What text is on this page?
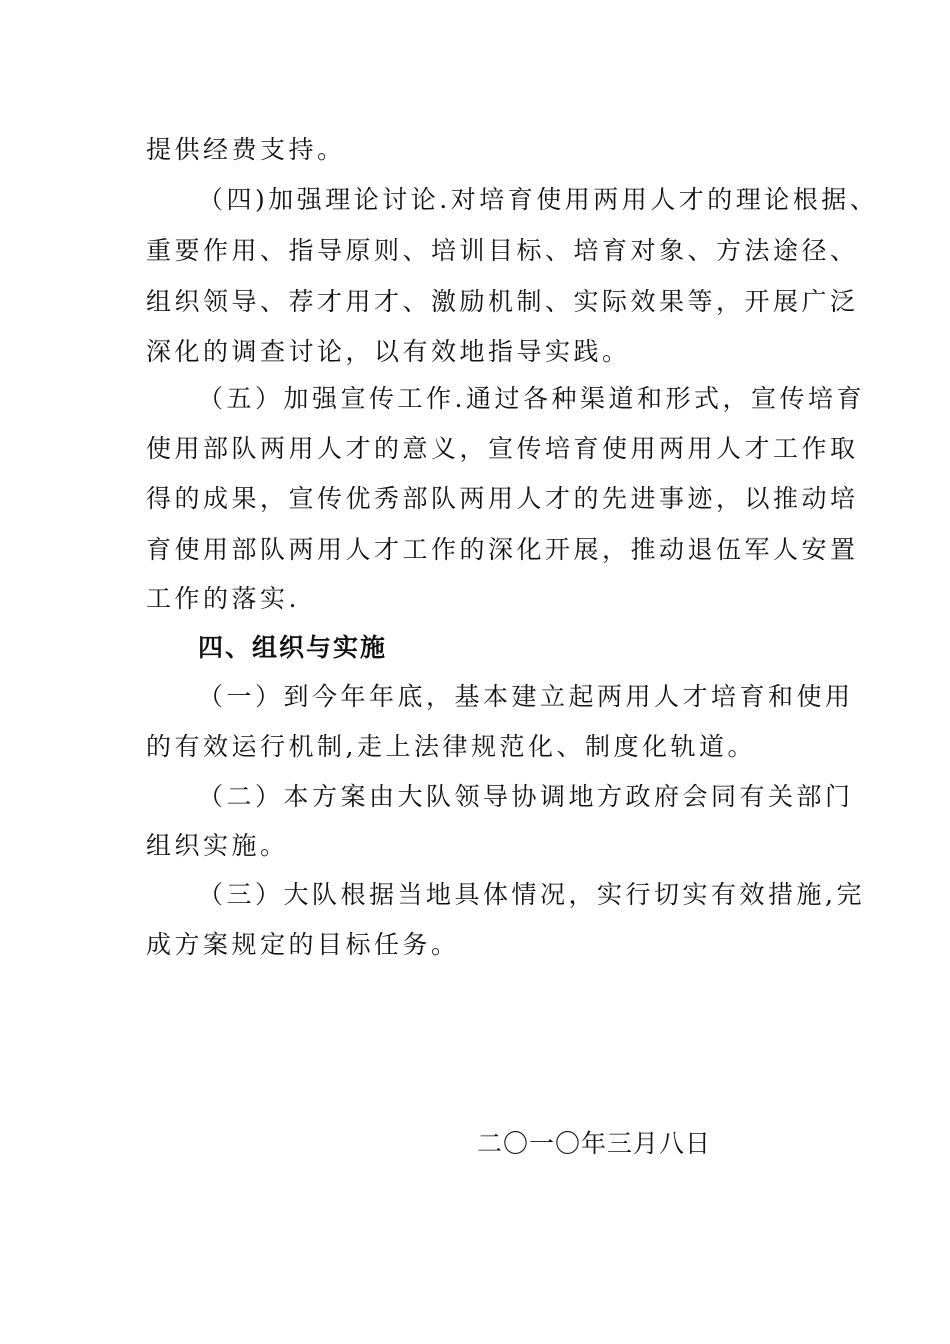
提供经费支持。
（四)加强理论讨论.对培育使用两用人才的理论根据、
重要作用、指导原则、培训目标、培育对象、方法途径、
组织领导、荐才用才、激励机制、实际效果等，开展广泛
深化的调查讨论，以有效地指导实践。
（五）加强宣传工作.通过各种渠道和形式，宣传培育
使用部队两用人才的意义，宣传培育使用两用人才工作取
得的成果，宣传优秀部队两用人才的先进事迹，以推动培
育使用部队两用人才工作的深化开展，推动退伍军人安置
工作的落实.
四、组织与实施
（一）到今年年底，基本建立起两用人才培育和使用
的有效运行机制,走上法律规范化、制度化轨道。
（二）本方案由大队领导协调地方政府会同有关部门
组织实施。
（三）大队根据当地具体情况，实行切实有效措施,完
成方案规定的目标任务。
二〇一〇年三月八日
